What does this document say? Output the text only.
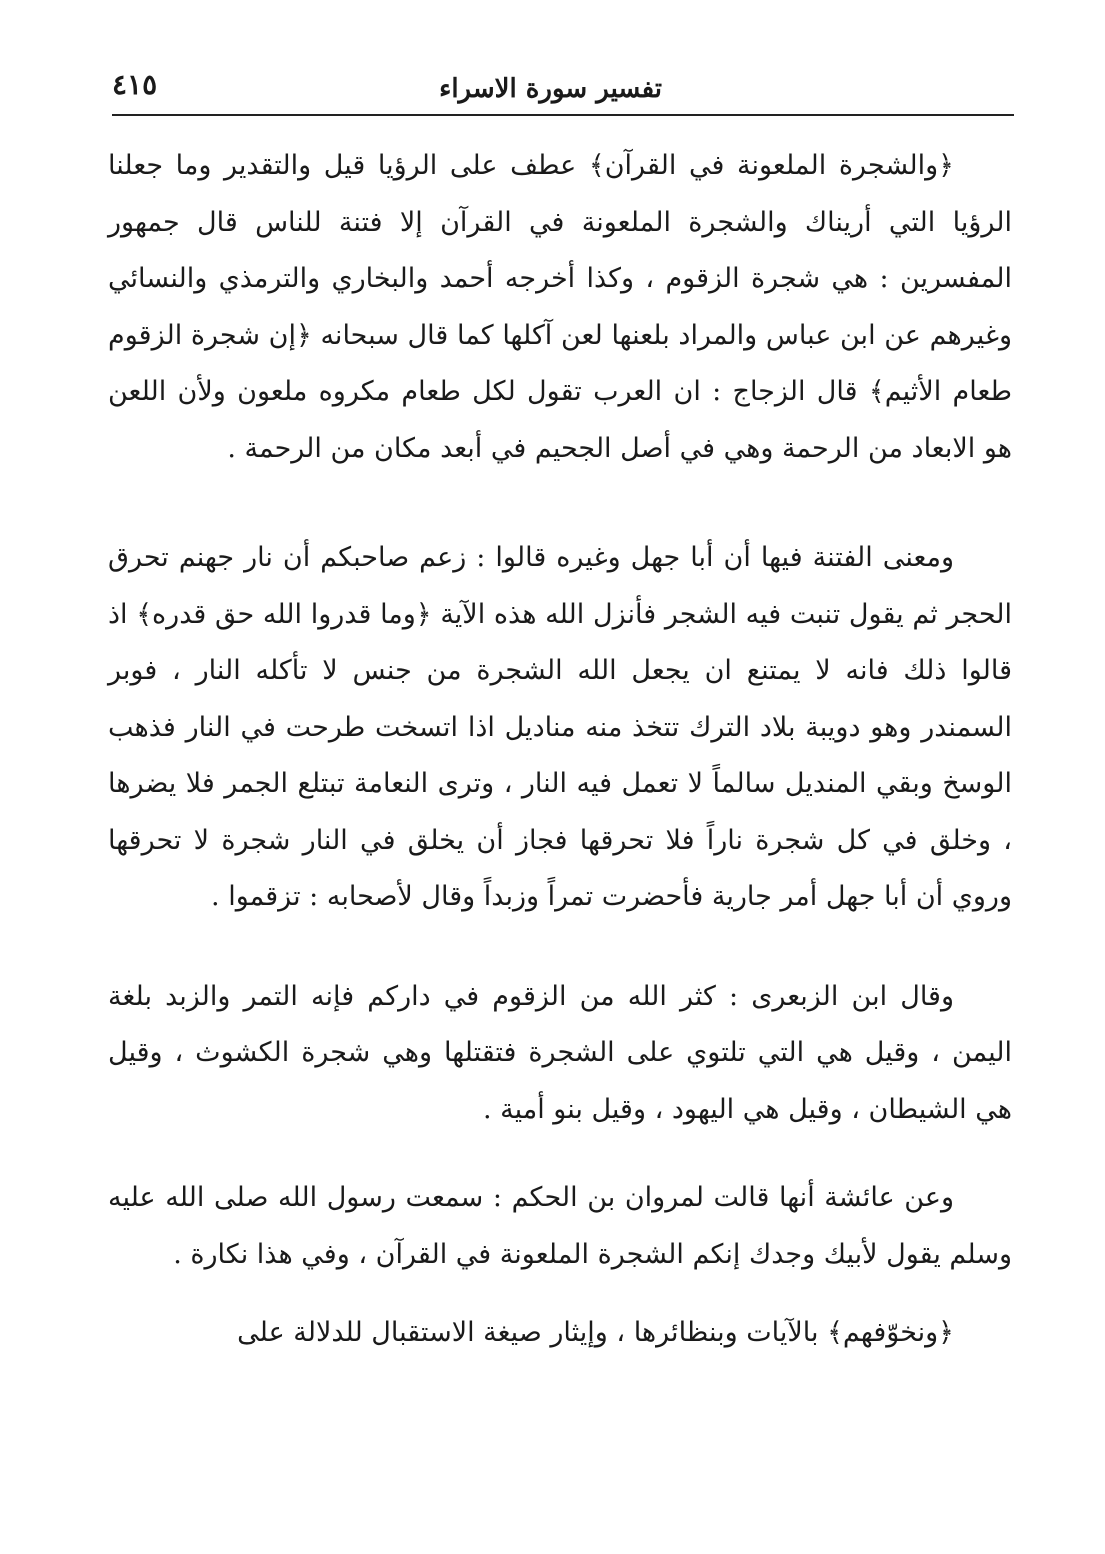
تفسير سورة الاسراء
٤١٥

﴿والشجرة الملعونة في القرآن﴾ عطف على الرؤيا قيل والتقدير وما جعلنا الرؤيا التي أريناك والشجرة الملعونة في القرآن إلا فتنة للناس قال جمهور المفسرين : هي شجرة الزقوم ، وكذا أخرجه أحمد والبخاري والترمذي والنسائي وغيرهم عن ابن عباس والمراد بلعنها لعن آكلها كما قال سبحانه ﴿إن شجرة الزقوم طعام الأثيم﴾ قال الزجاج : ان العرب تقول لكل طعام مكروه ملعون ولأن اللعن هو الابعاد من الرحمة وهي في أصل الجحيم في أبعد مكان من الرحمة .

ومعنى الفتنة فيها أن أبا جهل وغيره قالوا : زعم صاحبكم أن نار جهنم تحرق الحجر ثم يقول تنبت فيه الشجر فأنزل الله هذه الآية ﴿وما قدروا الله حق قدره﴾ اذ قالوا ذلك فانه لا يمتنع ان يجعل الله الشجرة من جنس لا تأكله النار ، فوبر السمندر وهو دويبة بلاد الترك تتخذ منه مناديل اذا اتسخت طرحت في النار فذهب الوسخ وبقي المنديل سالماً لا تعمل فيه النار ، وترى النعامة تبتلع الجمر فلا يضرها ، وخلق في كل شجرة ناراً فلا تحرقها فجاز أن يخلق في النار شجرة لا تحرقها وروي أن أبا جهل أمر جارية فأحضرت تمراً وزبداً وقال لأصحابه : تزقموا .

وقال ابن الزبعرى : كثر الله من الزقوم في داركم فإنه التمر والزبد بلغة اليمن ، وقيل هي التي تلتوي على الشجرة فتقتلها وهي شجرة الكشوث ، وقيل هي الشيطان ، وقيل هي اليهود ، وقيل بنو أمية .

وعن عائشة أنها قالت لمروان بن الحكم : سمعت رسول الله صلى الله عليه وسلم يقول لأبيك وجدك إنكم الشجرة الملعونة في القرآن ، وفي هذا نكارة .

﴿ونخوّفهم﴾ بالآيات وبنظائرها ، وإيثار صيغة الاستقبال للدلالة على
